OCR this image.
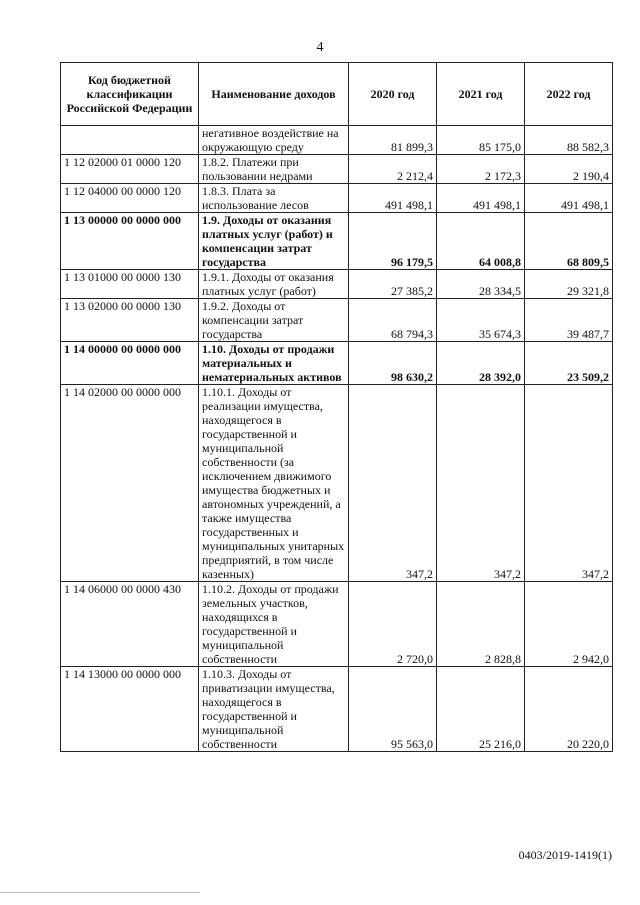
4
Код бюджетной классификации Российской Федерации	Наименование доходов	2020 год	2021 год	2022 год
	негативное воздействие на окружающую среду	81 899,3	85 175,0	88 582,3
1 12 02000 01 0000 120	1.8.2. Платежи при пользовании недрами	2 212,4	2 172,3	2 190,4
1 12 04000 00 0000 120	1.8.3. Плата за использование лесов	491 498,1	491 498,1	491 498,1
1 13 00000 00 0000 000	1.9. Доходы от оказания платных услуг (работ) и компенсации затрат государства	96 179,5	64 008,8	68 809,5
1 13 01000 00 0000 130	1.9.1. Доходы от оказания платных услуг (работ)	27 385,2	28 334,5	29 321,8
1 13 02000 00 0000 130	1.9.2. Доходы от компенсации затрат государства	68 794,3	35 674,3	39 487,7
1 14 00000 00 0000 000	1.10. Доходы от продажи материальных и нематериальных активов	98 630,2	28 392,0	23 509,2
1 14 02000 00 0000 000	1.10.1. Доходы от реализации имущества, находящегося в государственной и муниципальной собственности (за исключением движимого имущества бюджетных и автономных учреждений, а также имущества государственных и муниципальных унитарных предприятий, в том числе казенных)	347,2	347,2	347,2
1 14 06000 00 0000 430	1.10.2. Доходы от продажи земельных участков, находящихся в государственной и муниципальной собственности	2 720,0	2 828,8	2 942,0
1 14 13000 00 0000 000	1.10.3. Доходы от приватизации имущества, находящегося в государственной и муниципальной собственности	95 563,0	25 216,0	20 220,0
0403/2019-1419(1)
